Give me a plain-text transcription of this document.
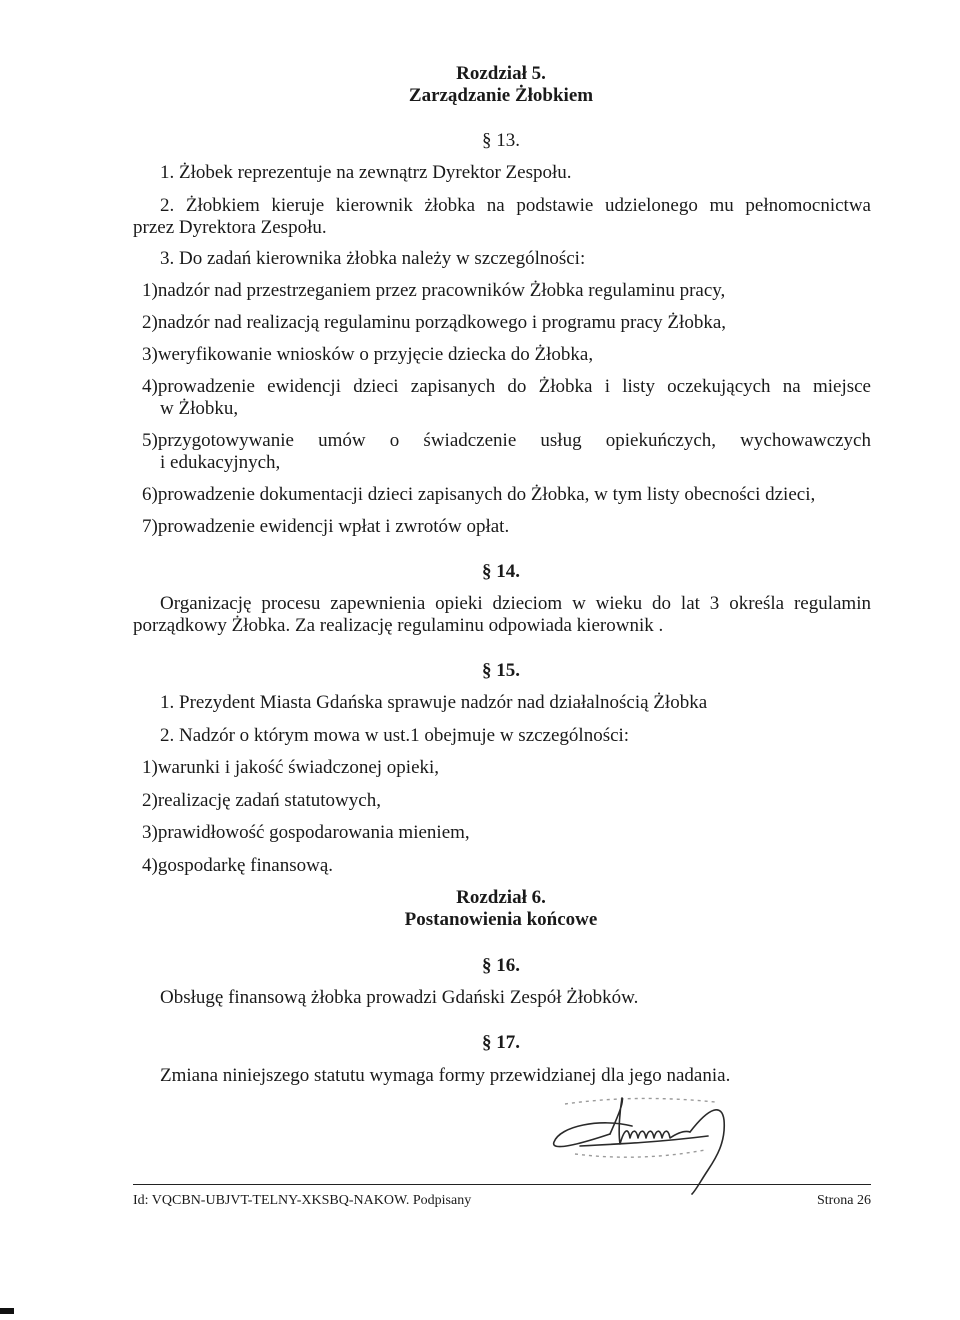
Rozdział 5.
Zarządzanie Żłobkiem
§ 13.
1. Żłobek reprezentuje na zewnątrz Dyrektor Zespołu.
2. Żłobkiem kieruje kierownik żłobka na podstawie udzielonego mu pełnomocnictwa
przez Dyrektora Zespołu.
3. Do zadań kierownika żłobka należy w szczególności:
1)nadzór nad przestrzeganiem przez pracowników Żłobka regulaminu pracy,
2)nadzór nad realizacją regulaminu porządkowego i programu pracy Żłobka,
3)weryfikowanie wniosków o przyjęcie dziecka do Żłobka,
4)prowadzenie ewidencji dzieci zapisanych do Żłobka i listy oczekujących na miejsce
w Żłobku,
5)przygotowywanie umów o świadczenie usług opiekuńczych, wychowawczych
i edukacyjnych,
6)prowadzenie dokumentacji dzieci zapisanych do Żłobka, w tym listy obecności dzieci,
7)prowadzenie ewidencji wpłat i zwrotów opłat.
§ 14.
Organizację procesu zapewnienia opieki dzieciom w wieku do lat 3 określa regulamin
porządkowy Żłobka. Za realizację regulaminu odpowiada kierownik .
§ 15.
1. Prezydent Miasta Gdańska sprawuje nadzór nad działalnością Żłobka
2. Nadzór o którym mowa w ust.1 obejmuje w szczególności:
1)warunki i jakość świadczonej opieki,
2)realizację zadań statutowych,
3)prawidłowość gospodarowania mieniem,
4)gospodarkę finansową.
Rozdział 6.
Postanowienia końcowe
§ 16.
Obsługę finansową żłobka prowadzi Gdański Zespół Żłobków.
§ 17.
Zmiana niniejszego statutu wymaga formy przewidzianej dla jego nadania.
Id: VQCBN-UBJVT-TELNY-XKSBQ-NAKOW. Podpisany	Strona 26
